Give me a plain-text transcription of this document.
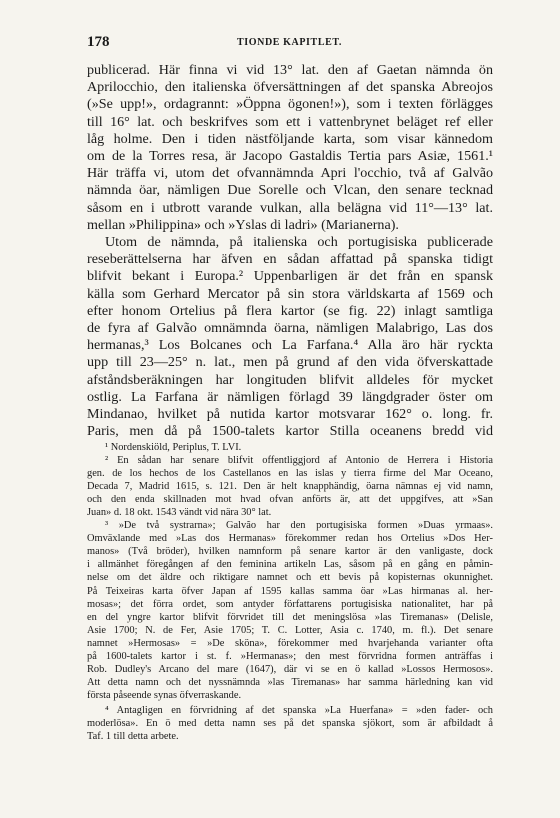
178	TIONDE KAPITLET.

publicerad. Här finna vi vid 13° lat. den af Gaetan nämnda ön

Aprilocchio, den italienska öfversättningen af det spanska Abreojos

(»Se upp!», ordagrannt: »Öppna ögonen!»), som i texten förlägges

till 16° lat. och beskrifves som ett i vattenbrynet beläget ref eller

låg holme. Den i tiden nästföljande karta, som visar kännedom

om de la Torres resa, är Jacopo Gastaldis Tertia pars Asiæ, 1561.¹

Här träffa vi, utom det ofvannämnda Apri l'occhio, två af Galvão

nämnda öar, nämligen Due Sorelle och Vlcan, den senare tecknad

såsom en i utbrott varande vulkan, alla belägna vid 11°—13° lat.

mellan »Philippina» och »Yslas di ladri» (Marianerna).

Utom de nämnda, på italienska och portugisiska publicerade

reseberättelserna har äfven en sådan affattad på spanska tidigt

blifvit bekant i Europa.² Uppenbarligen är det från en spansk

källa som Gerhard Mercator på sin stora världskarta af 1569 och

efter honom Ortelius på flera kartor (se fig. 22) inlagt samtliga

de fyra af Galvão omnämnda öarna, nämligen Malabrigo, Las dos

hermanas,³ Los Bolcanes och La Farfana.⁴ Alla äro här ryckta

upp till 23—25° n. lat., men på grund af den vida öfverskattade

afståndsberäkningen har longituden blifvit alldeles för mycket

ostlig. La Farfana är nämligen förlagd 39 längdgrader öster om

Mindanao, hvilket på nutida kartor motsvarar 162° o. long. fr.

Paris, men då på 1500-talets kartor Stilla oceanens bredd vid

¹ Nordenskiöld, Periplus, T. LVI.

² En sådan har senare blifvit offentliggjord af Antonio de Herrera i Historia

gen. de los hechos de los Castellanos en las islas y tierra firme del Mar Oceano,

Decada 7, Madrid 1615, s. 121. Den är helt knapphändig, öarna nämnas ej vid namn,

och den enda skillnaden mot hvad ofvan anförts är, att det uppgifves, att »San

Juan» d. 18 okt. 1543 vändt vid nära 30° lat.

³ »De två systrarna»; Galvão har den portugisiska formen »Duas yrmaas».

Omväxlande med »Las dos Hermanas» förekommer redan hos Ortelius »Dos Her-

manos» (Två bröder), hvilken namnform på senare kartor är den vanligaste, dock

i allmänhet föregången af den feminina artikeln Las, såsom på en gång en påmin-

nelse om det äldre och riktigare namnet och ett bevis på kopisternas okunnighet.

På Teixeiras karta öfver Japan af 1595 kallas samma öar »Las hirmanas al. her-

mosas»; det förra ordet, som antyder författarens portugisiska nationalitet, har på

en del yngre kartor blifvit förvridet till det meningslösa »las Tiremanas» (Delisle,

Asie 1700; N. de Fer, Asie 1705; T. C. Lotter, Asia c. 1740, m. fl.). Det senare

namnet »Hermosas» = »De sköna», förekommer med hvarjehanda varianter ofta

på 1600-talets kartor i st. f. »Hermanas»; den mest förvridna formen anträffas i

Rob. Dudley's Arcano del mare (1647), där vi se en ö kallad »Lossos Hermosos».

Att detta namn och det nyssnämnda »las Tiremanas» har samma härledning kan vid

första påseende synas öfverraskande.

⁴ Antagligen en förvridning af det spanska »La Huerfana» = »den fader- och

moderlösa». En ö med detta namn ses på det spanska sjökort, som är afbildadt å

Taf. 1 till detta arbete.
